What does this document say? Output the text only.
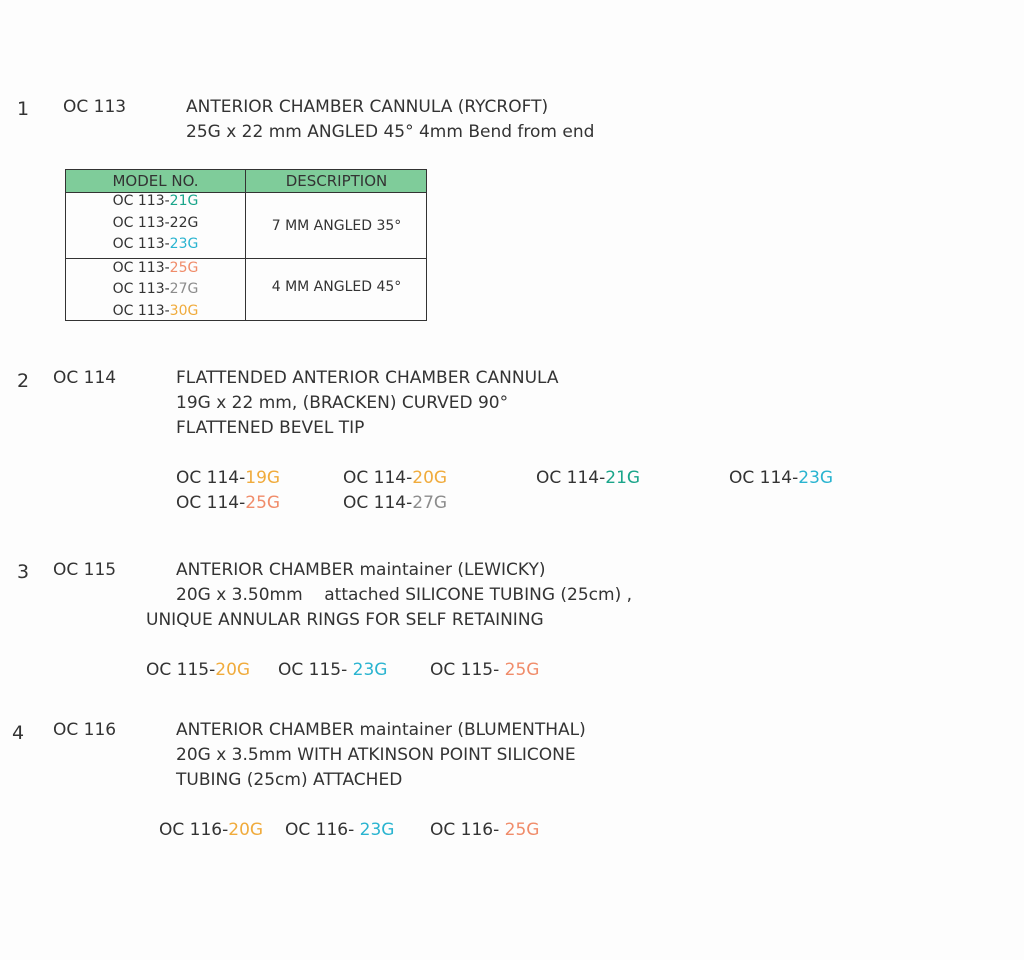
1 OC 113	ANTERIOR CHAMBER CANNULA (RYCROFT)
25G x 22 mm ANGLED 45° 4mm Bend from end
MODEL NO.	DESCRIPTION
OC 113-21G
OC 113-22G
OC 113-23G
7 MM ANGLED 35°
OC 113-25G
OC 113-27G
OC 113-30G
4 MM ANGLED 45°
2 OC 114	FLATTENDED ANTERIOR CHAMBER CANNULA
19G x 22 mm, (BRACKEN) CURVED 90°
FLATTENED BEVEL TIP
OC 114-19G	OC 114-20G	OC 114-21G	OC 114-23G
OC 114-25G	OC 114-27G
3 OC 115	ANTERIOR CHAMBER maintainer (LEWICKY)
20G x 3.50mm    attached SILICONE TUBING (25cm) ,
UNIQUE ANNULAR RINGS FOR SELF RETAINING
OC 115-20G OC 115- 23G	OC 115- 25G
4 OC 116	ANTERIOR CHAMBER maintainer (BLUMENTHAL)
20G x 3.5mm WITH ATKINSON POINT SILICONE
TUBING (25cm) ATTACHED
OC 116-20G OC 116- 23G OC 116- 25G
